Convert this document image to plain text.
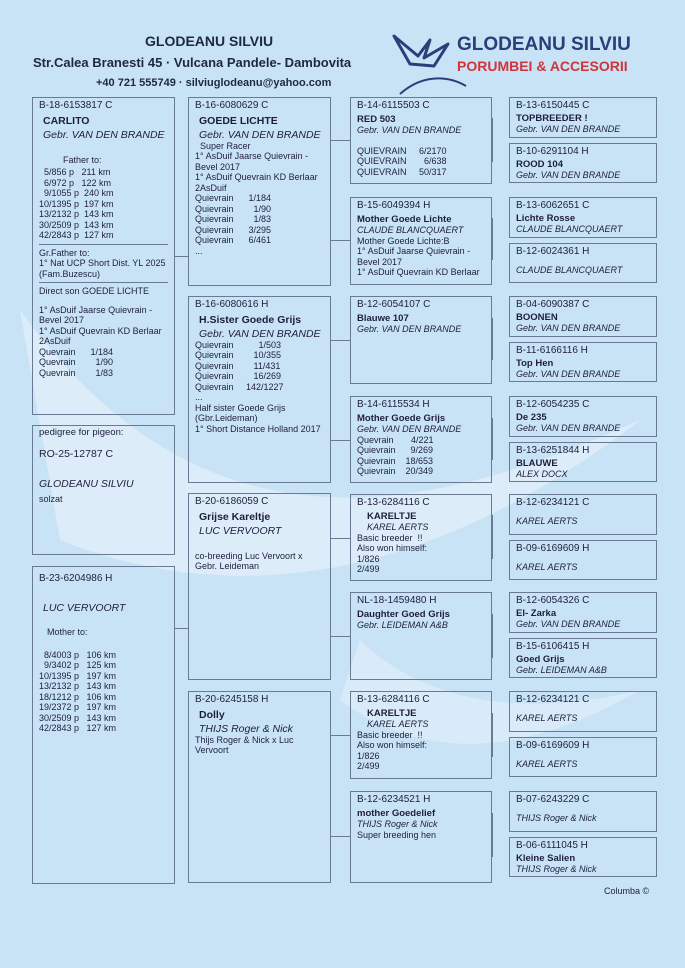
GLODEANU SILVIU
Str.Calea Branesti 45 · Vulcana Pandele- Dambovita
+40 721 555749 · silviuglodeanu@yahoo.com
GLODEANU SILVIU
PORUMBEI & ACCESORII
B-18-6153817 C
CARLITO
Gebr. VAN DEN BRANDE
Father to:
5/856 p   211 km
6/972 p   122 km
9/1055 p  240 km
10/1395 p  197 km
13/2132 p  143 km
30/2509 p  143 km
42/2843 p  127 km
Gr.Father to:
1° Nat UCP Short Dist. YL 2025
(Fam.Buzescu)
Direct son GOEDE LICHTE
1° AsDuif Jaarse Quievrain -
Bevel 2017
1° AsDuif Quevrain KD Berlaar
2AsDuif
Quevrain      1/184
Quevrain        1/90
Quevrain        1/83
pedigree for pigeon:
RO-25-12787 C
GLODEANU SILVIU
solzat
B-23-6204986 H
LUC VERVOORT
Mother to:
8/4003 p   106 km
9/3402 p   125 km
10/1395 p   197 km
13/2132 p   143 km
18/1212 p   106 km
19/2372 p   197 km
30/2509 p   143 km
42/2843 p   127 km
B-16-6080629 C
GOEDE LICHTE
Gebr. VAN DEN BRANDE
Super Racer
1° AsDuif Jaarse Quievrain -
Bevel 2017
1° AsDuif Quevrain KD Berlaar
2AsDuif
Quievrain      1/184
Quievrain        1/90
Quievrain        1/83
Quievrain      3/295
Quievrain      6/461
...
B-16-6080616 H
H.Sister Goede Grijs
Gebr. VAN DEN BRANDE
Quievrain          1/503
Quievrain        10/355
Quievrain        11/431
Quievrain        16/269
Quievrain     142/1227
...
Half sister Goede Grijs
(Gbr.Leideman)
1° Short Distance Holland 2017
B-20-6186059 C
Grijse Kareltje
LUC VERVOORT
co-breeding Luc Vervoort x
Gebr. Leideman
B-20-6245158 H
Dolly
THIJS Roger & Nick
Thijs Roger & Nick x Luc
Vervoort
B-14-6115503 C
RED 503
Gebr. VAN DEN BRANDE
QUIEVRAIN     6/2170
QUIEVRAIN       6/638
QUIEVRAIN     50/317
B-15-6049394 H
Mother Goede Lichte
CLAUDE BLANCQUAERT
Mother Goede Lichte:B
1° AsDuif Jaarse Quievrain -
Bevel 2017
1° AsDuif Quevrain KD Berlaar
B-12-6054107 C
Blauwe 107
Gebr. VAN DEN BRANDE
B-14-6115534 H
Mother Goede Grijs
Gebr. VAN DEN BRANDE
Quevrain       4/221
Quievrain      9/269
Quievrain    18/653
Quievrain    20/349
B-13-6284116 C
KARELTJE
KAREL AERTS
Basic breeder  !!
Also won himself:
1/826
2/499
NL-18-1459480 H
Daughter Goed Grijs
Gebr. LEIDEMAN A&B
B-13-6284116 C
KARELTJE
KAREL AERTS
Basic breeder  !!
Also won himself:
1/826
2/499
B-12-6234521 H
mother Goedelief
THIJS Roger & Nick
Super breeding hen
B-13-6150445 C
TOPBREEDER !
Gebr. VAN DEN BRANDE
B-10-6291104 H
ROOD 104
Gebr. VAN DEN BRANDE
B-13-6062651 C
Lichte Rosse
CLAUDE BLANCQUAERT
B-12-6024361 H
CLAUDE BLANCQUAERT
B-04-6090387 C
BOONEN
Gebr. VAN DEN BRANDE
B-11-6166116 H
Top Hen
Gebr. VAN DEN BRANDE
B-12-6054235 C
De 235
Gebr. VAN DEN BRANDE
B-13-6251844 H
BLAUWE
ALEX DOCX
B-12-6234121 C
KAREL AERTS
B-09-6169609 H
KAREL AERTS
B-12-6054326 C
El- Zarka
Gebr. VAN DEN BRANDE
B-15-6106415 H
Goed Grijs
Gebr. LEIDEMAN A&B
B-12-6234121 C
KAREL AERTS
B-09-6169609 H
KAREL AERTS
B-07-6243229 C
THIJS Roger & Nick
B-06-6111045 H
Kleine Salien
THIJS Roger & Nick
Columba ©
